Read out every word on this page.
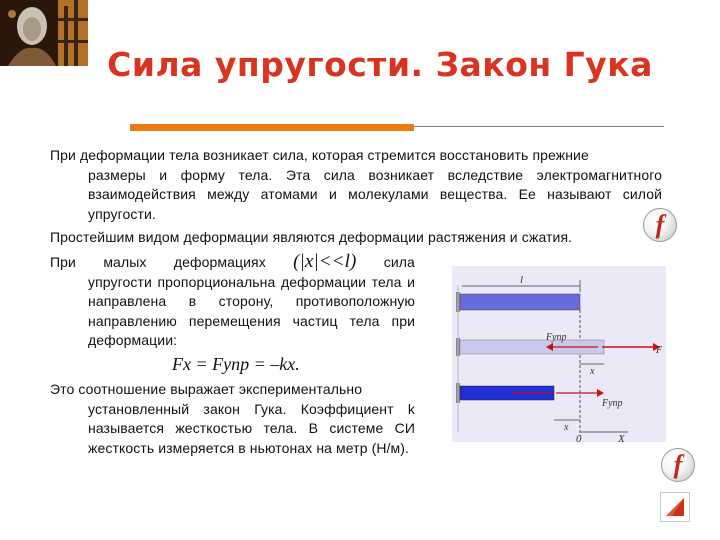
Сила упругости. Закон Гука
При деформации тела возникает сила, которая стремится восстановить прежние
размеры и форму тела. Эта сила возникает вследствие электромагнитного взаимодействия между атомами и молекулами вещества. Ее называют силой упругости.	f
Простейшим видом деформации являются деформации растяжения и сжатия.
При малых деформациях (|x|<<l) сила
упругости пропорциональна деформации тела и направлена в сторону, противоположную направлению перемещения частиц тела при деформации:
Fx = Fупр = –kx.
Это соотношение выражает экспериментально
установленный закон Гука. Коэффициент k называется жесткостью тела. В системе СИ жесткость измеряется в ньютонах на метр (Н/м).
l
Fупр
F
x
Fупр
x
0	X
f
